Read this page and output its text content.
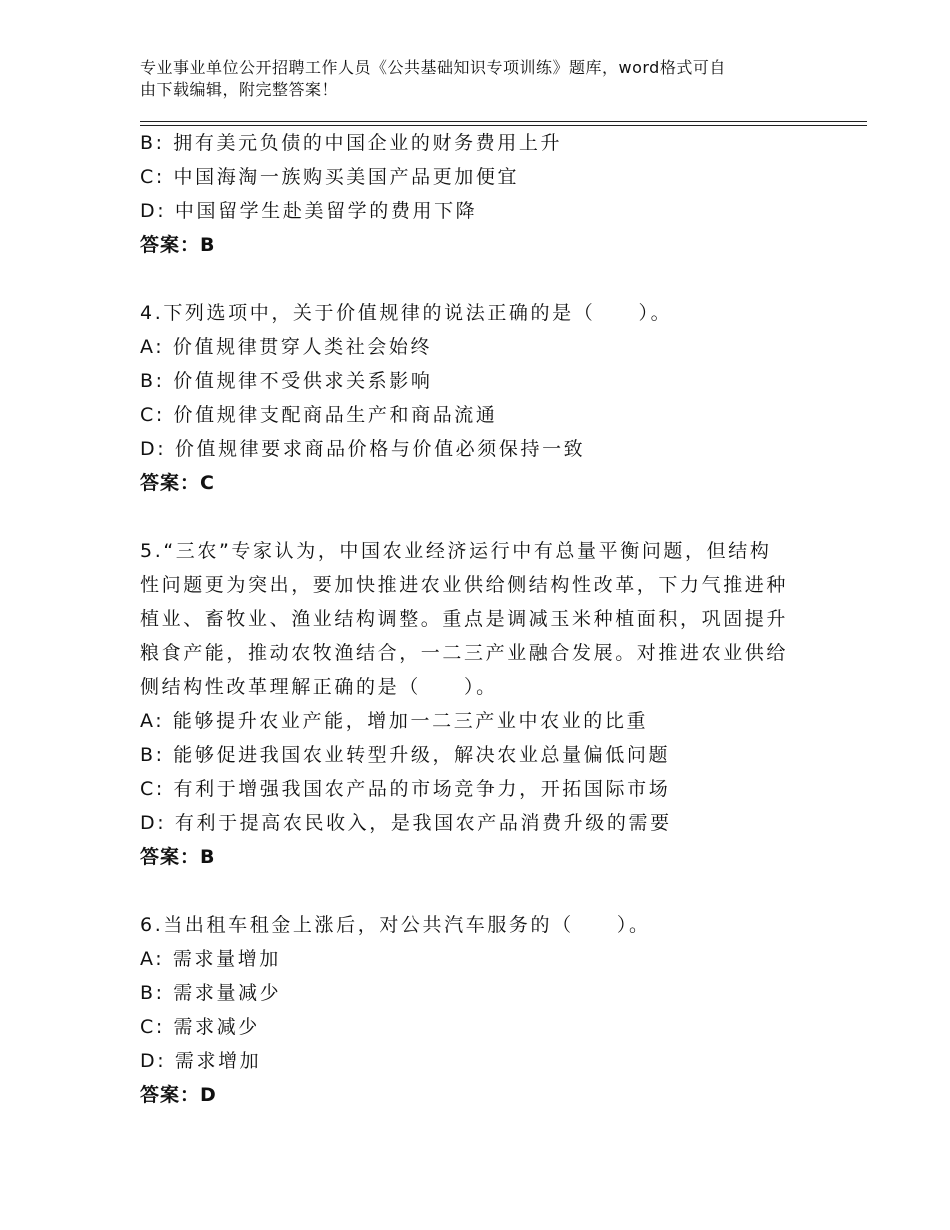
专业事业单位公开招聘工作人员《公共基础知识专项训练》题库，word格式可自
由下载编辑，附完整答案！
B: 拥有美元负债的中国企业的财务费用上升
C: 中国海淘一族购买美国产品更加便宜
D: 中国留学生赴美留学的费用下降
答案：B
4.下列选项中，关于价值规律的说法正确的是（　　）。
A: 价值规律贯穿人类社会始终
B: 价值规律不受供求关系影响
C: 价值规律支配商品生产和商品流通
D: 价值规律要求商品价格与价值必须保持一致
答案：C
5.“三农”专家认为，中国农业经济运行中有总量平衡问题，但结构
性问题更为突出，要加快推进农业供给侧结构性改革，下力气推进种
植业、畜牧业、渔业结构调整。重点是调减玉米种植面积，巩固提升
粮食产能，推动农牧渔结合，一二三产业融合发展。对推进农业供给
侧结构性改革理解正确的是（　　）。
A: 能够提升农业产能，增加一二三产业中农业的比重
B: 能够促进我国农业转型升级，解决农业总量偏低问题
C: 有利于增强我国农产品的市场竞争力，开拓国际市场
D: 有利于提高农民收入，是我国农产品消费升级的需要
答案：B
6.当出租车租金上涨后，对公共汽车服务的（　　）。
A: 需求量增加
B: 需求量减少
C: 需求减少
D: 需求增加
答案：D
